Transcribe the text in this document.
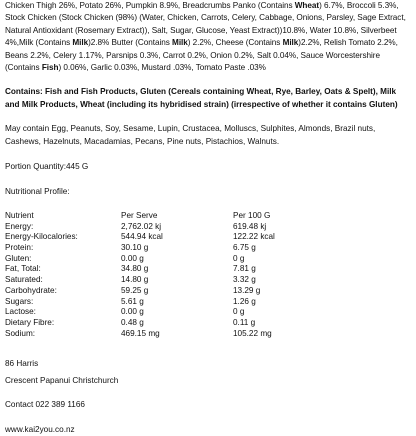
Chicken Thigh 26%, Potato 26%, Pumpkin 8.9%, Breadcrumbs Panko (Contains Wheat) 6.7%, Broccoli 5.3%, Stock Chicken (Stock Chicken (98%) (Water, Chicken, Carrots, Celery, Cabbage, Onions, Parsley, Sage Extract, Natural Antioxidant (Rosemary Extract)), Salt, Sugar, Glucose, Yeast Extract))10.8%, Water 10.8%, Silverbeet 4%,Milk (Contains Milk)2.8% Butter (Contains Milk) 2.2%, Cheese (Contains Milk)2.2%, Relish Tomato 2.2%, Beans 2.2%, Celery 1.17%, Parsnips 0.3%, Carrot 0.2%, Onion 0.2%, Salt 0.04%, Sauce Worcestershire (Contains Fish) 0.06%, Garlic 0.03%, Mustard .03%, Tomato Paste .03%

Contains: Fish and Fish Products, Gluten (Cereals containing Wheat, Rye, Barley, Oats & Spelt), Milk and Milk Products, Wheat (including its hybridised strain) (irrespective of whether it contains Gluten)

May contain Egg, Peanuts, Soy, Sesame, Lupin, Crustacea, Molluscs, Sulphites, Almonds, Brazil nuts, Cashews, Hazelnuts, Macadamias, Pecans, Pine nuts, Pistachios, Walnuts.

Portion Quantity:445 G

Nutritional Profile:

Nutrient	Per Serve	Per 100 G
Energy:	2,762.02 kj	619.48 kj
Energy-Kilocalories:	544.94 kcal	122.22 kcal
Protein:	30.10 g	6.75 g
Gluten:	0.00 g	0 g
Fat, Total:	34.80 g	7.81 g
Saturated:	14.80 g	3.32 g
Carbohydrate:	59.25 g	13.29 g
Sugars:	5.61 g	1.26 g
Lactose:	0.00 g	0 g
Dietary Fibre:	0.48 g	0.11 g
Sodium:	469.15 mg	105.22 mg

86 Harris

Crescent Papanui Christchurch

Contact 022 389 1166

www.kai2you.co.nz
